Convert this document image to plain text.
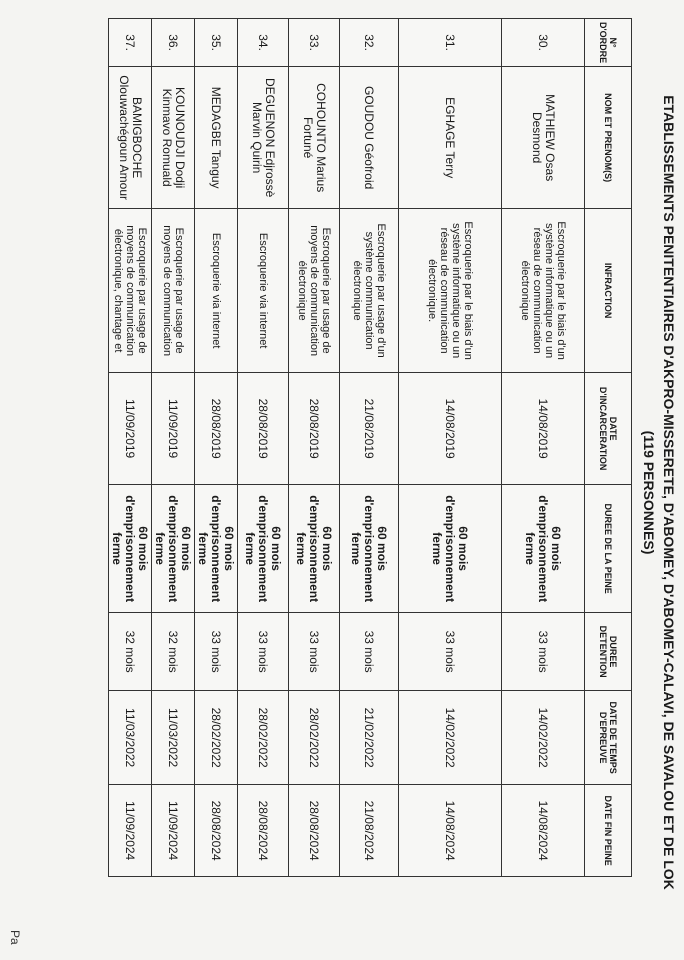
ETABLISSEMENTS PENITENTIAIRES D'AKPRO-MISSERETE, D'ABOMEY, D'ABOMEY-CALAVI, DE SAVALOU ET DE LOK
(119 PERSONNES)
N° D'ORDRE	NOM ET PRENOM(S)	INFRACTION	DATE D'INCARCERATION	DUREE DE LA PEINE	DUREE DETENTION	DATE DE TEMPS D'EPREUVE	DATE FIN PEINE
30.	MATHIEW Osas Desmond	Escroquerie par le biais d'un système informatique ou un réseau de communication électronique	14/08/2019	60 mois d'emprisonnement ferme	33 mois	14/02/2022	14/08/2024
31.	EGHAGE Terry	Escroquerie par le biais d'un système informatique ou un réseau de communication électronique.	14/08/2019	60 mois d'emprisonnement ferme	33 mois	14/02/2022	14/08/2024
32.	GOUDOU Géofroid	Escroquerie par usage d'un système communication électronique	21/08/2019	60 mois d'emprisonnement ferme	33 mois	21/02/2022	21/08/2024
33.	COHOUNTO Marius Fortuné	Escroquerie par usage de moyens de communication électronique	28/08/2019	60 mois d'emprisonnement ferme	33 mois	28/02/2022	28/08/2024
34.	DEGUENON Edjrossè Marvin Quirin	Escroquerie via internet	28/08/2019	60 mois d'emprisonnement ferme	33 mois	28/02/2022	28/08/2024
35.	MEDAGBE Tanguy	Escroquerie via internet	28/08/2019	60 mois d'emprisonnement ferme	33 mois	28/02/2022	28/08/2024
36.	KOUNOUDJI Dodji Kinmavo Romuald	Escroquerie par usage de moyens de communication	11/09/2019	60 mois d'emprisonnement ferme	32 mois	11/03/2022	11/09/2024
37.	BAMIGBOCHE Olouwachégoun Amour	Escroquerie par usage de moyens de communication électronique, chantage et	11/09/2019	60 mois d'emprisonnement ferme	32 mois	11/03/2022	11/09/2024
Pa
